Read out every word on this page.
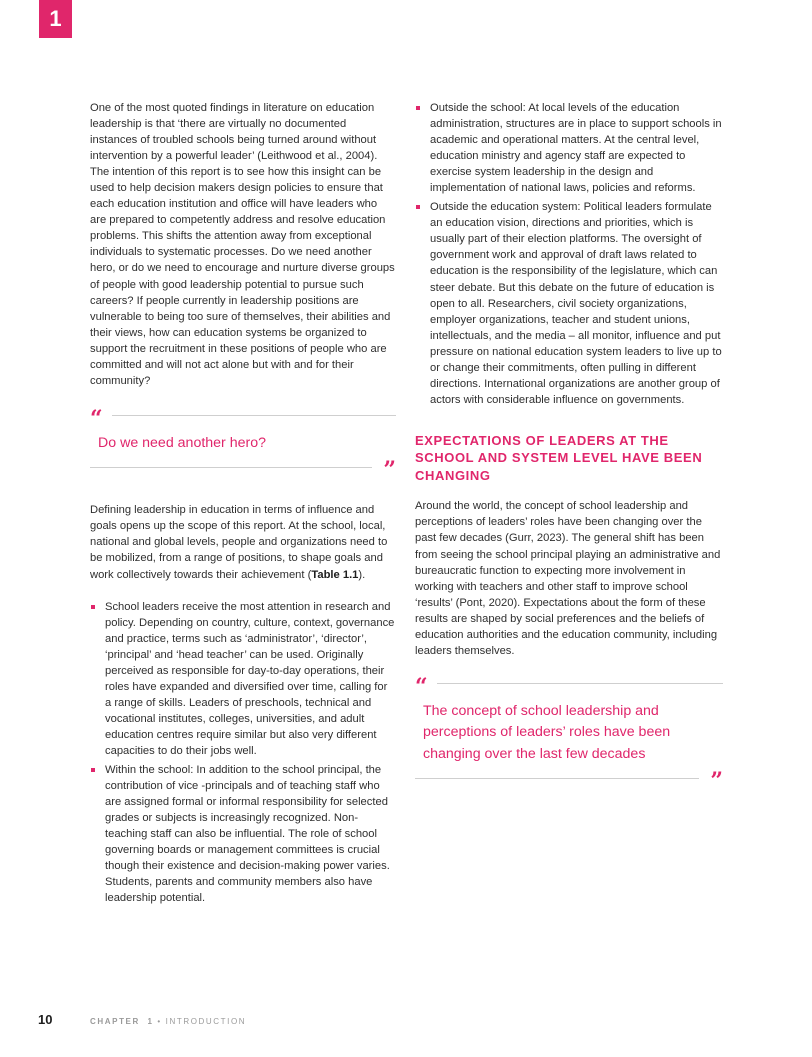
1

One of the most quoted findings in literature on education leadership is that ‘there are virtually no documented instances of troubled schools being turned around without intervention by a powerful leader’ (Leithwood et al., 2004). The intention of this report is to see how this insight can be used to help decision makers design policies to ensure that each education institution and office will have leaders who are prepared to competently address and resolve education problems. This shifts the attention away from exceptional individuals to systematic processes. Do we need another hero, or do we need to encourage and nurture diverse groups of people with good leadership potential to pursue such careers? If people currently in leadership positions are vulnerable to being too sure of themselves, their abilities and their views, how can education systems be organized to support the recruitment in these positions of people who are committed and will not act alone but with and for their community?

“
Do we need another hero?
”

Defining leadership in education in terms of influence and goals opens up the scope of this report. At the school, local, national and global levels, people and organizations need to be mobilized, from a range of positions, to shape goals and work collectively towards their achievement (Table 1.1).

School leaders receive the most attention in research and policy. Depending on country, culture, context, governance and practice, terms such as ‘administrator’, ‘director’, ‘principal’ and ‘head teacher’ can be used. Originally perceived as responsible for day-to-day operations, their roles have expanded and diversified over time, calling for a range of skills. Leaders of preschools, technical and vocational institutes, colleges, universities, and adult education centres require similar but also very different capacities to do their jobs well.
Within the school: In addition to the school principal, the contribution of vice -principals and of teaching staff who are assigned formal or informal responsibility for selected grades or subjects is increasingly recognized. Non-teaching staff can also be influential. The role of school governing boards or management committees is crucial though their existence and decision-making power varies. Students, parents and community members also have leadership potential.
Outside the school: At local levels of the education administration, structures are in place to support schools in academic and operational matters. At the central level, education ministry and agency staff are expected to exercise system leadership in the design and implementation of national laws, policies and reforms.
Outside the education system: Political leaders formulate an education vision, directions and priorities, which is usually part of their election platforms. The oversight of government work and approval of draft laws related to education is the responsibility of the legislature, which can steer debate. But this debate on the future of education is open to all. Researchers, civil society organizations, employer organizations, teacher and student unions, intellectuals, and the media – all monitor, influence and put pressure on national education system leaders to live up to or change their commitments, often pulling in different directions. International organizations are another group of actors with considerable influence on governments.
EXPECTATIONS OF LEADERS AT THE SCHOOL AND SYSTEM LEVEL HAVE BEEN CHANGING

Around the world, the concept of school leadership and perceptions of leaders’ roles have been changing over the past few decades (Gurr, 2023). The general shift has been from seeing the school principal playing an administrative and bureaucratic function to expecting more involvement in working with teachers and other staff to improve school ‘results’ (Pont, 2020). Expectations about the form of these results are shaped by social preferences and the beliefs of education authorities and the education community, including leaders themselves.

“
The concept of school leadership and perceptions of leaders’ roles have been changing over the last few decades
”
10	CHAPTER 1 • INTRODUCTION
